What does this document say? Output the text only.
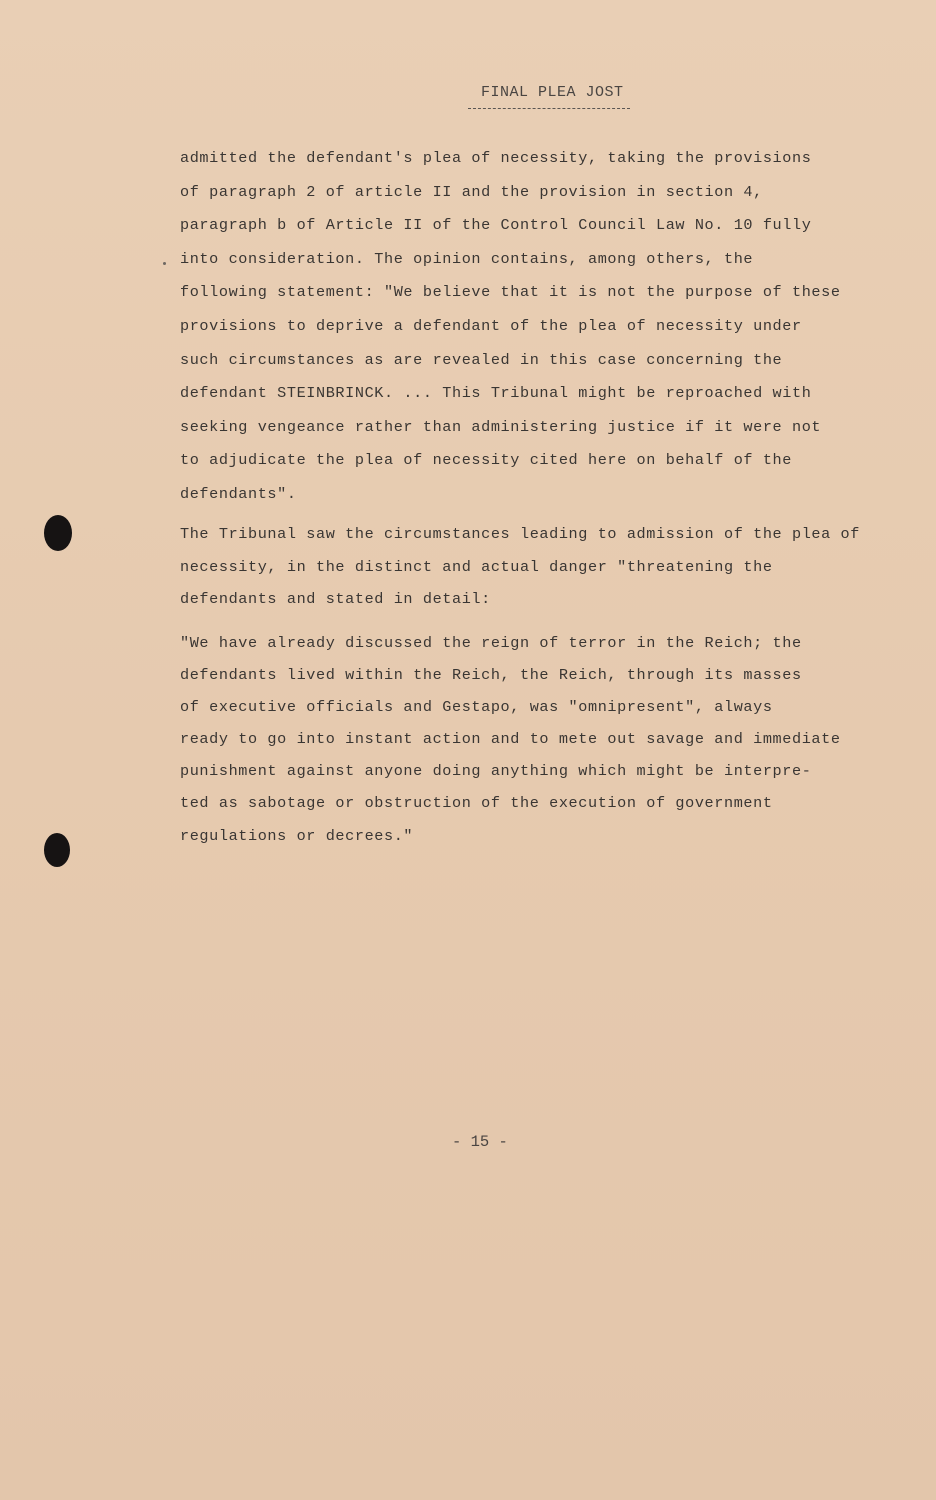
FINAL PLEA JOST
admitted the defendant's plea of necessity, taking the provisions
of paragraph 2 of article II and the provision in section 4,
paragraph b of Article II of the Control Council Law No. 10 fully
into consideration. The opinion contains, among others, the
following statement: "We believe that it is not the purpose of these
provisions to deprive a defendant of the plea of necessity under
such circumstances as are revealed in this case concerning the
defendant STEINBRINCK. ... This Tribunal might be reproached with
seeking vengeance rather than administering justice if it were not
to adjudicate the plea of necessity cited here on behalf of the
defendants".
The Tribunal saw the circumstances leading to admission of the plea of
necessity, in the distinct and actual danger "threatening the
defendants and stated in detail:
"We have already discussed the reign of terror in the Reich; the
defendants lived within the Reich, the Reich, through its masses
of executive officials and Gestapo, was "omnipresent", always
ready to go into instant action and to mete out savage and immediate
punishment against anyone doing anything which might be interpre-
ted as sabotage or obstruction of the execution of government
regulations or decrees."
- 15 -
